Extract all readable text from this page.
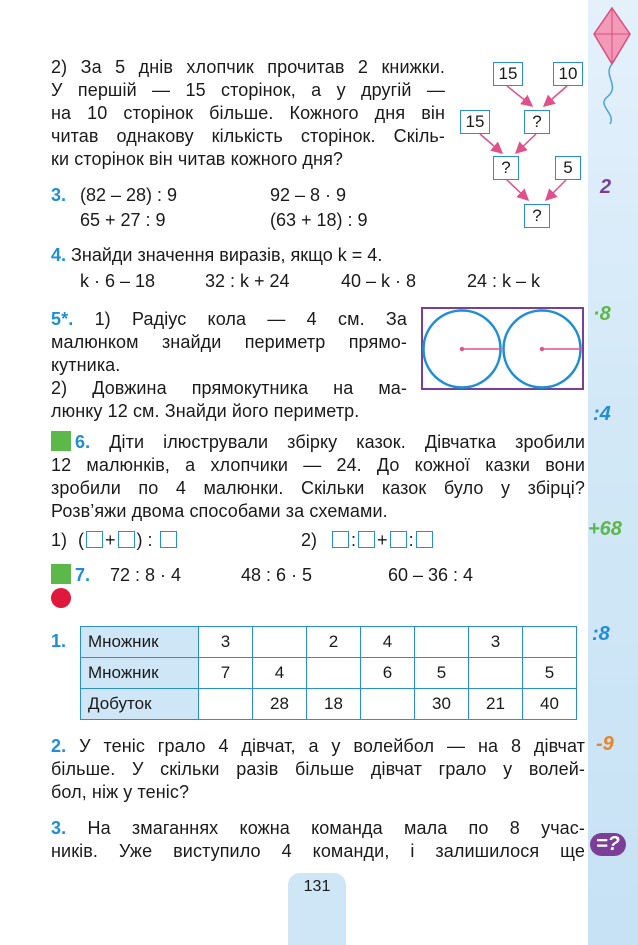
2
·8
:4
+68
:8
-9
=?
2) За 5 днів хлопчик прочитав 2 книжки.
У першій — 15 сторінок, а у другій —
на 10 сторінок більше. Кожного дня він
читав однакову кількість сторінок. Скіль-
ки сторінок він читав кожного дня?
15	10
15	?
?	5
?
3. (82 – 28) : 9	92 – 8 · 9
65 + 27 : 9	(63 + 18) : 9
4. Знайди значення виразів, якщо k = 4.
k · 6 – 18	32 : k + 24	40 – k · 8	24 : k – k
5*. 1) Радіус кола — 4 см. За
малюнком знайди периметр прямо-
кутника.
2) Довжина прямокутника на ма-
люнку 12 см. Знайди його периметр.
6. Діти ілюстрували збірку казок. Дівчатка зробили
12 малюнків, а хлопчики — 24. До кожної казки вони
зробили по 4 малюнки. Скільки казок було у збірці?
Розв’яжи двома способами за схемами.
1) ( + ) :	2) : + :
7. 72 : 8 · 4	48 : 6 · 5	60 – 36 : 4
1. Множник	3		2	4		3	
Множник	7	4		6	5		5
Добуток		28	18		30	21	40
2. У теніс грало 4 дівчат, а у волейбол — на 8 дівчат
більше. У скільки разів більше дівчат грало у волей-
бол, ніж у теніс?
3. На змаганнях кожна команда мала по 8 учас-
ників. Уже виступило 4 команди, і залишилося ще
131
